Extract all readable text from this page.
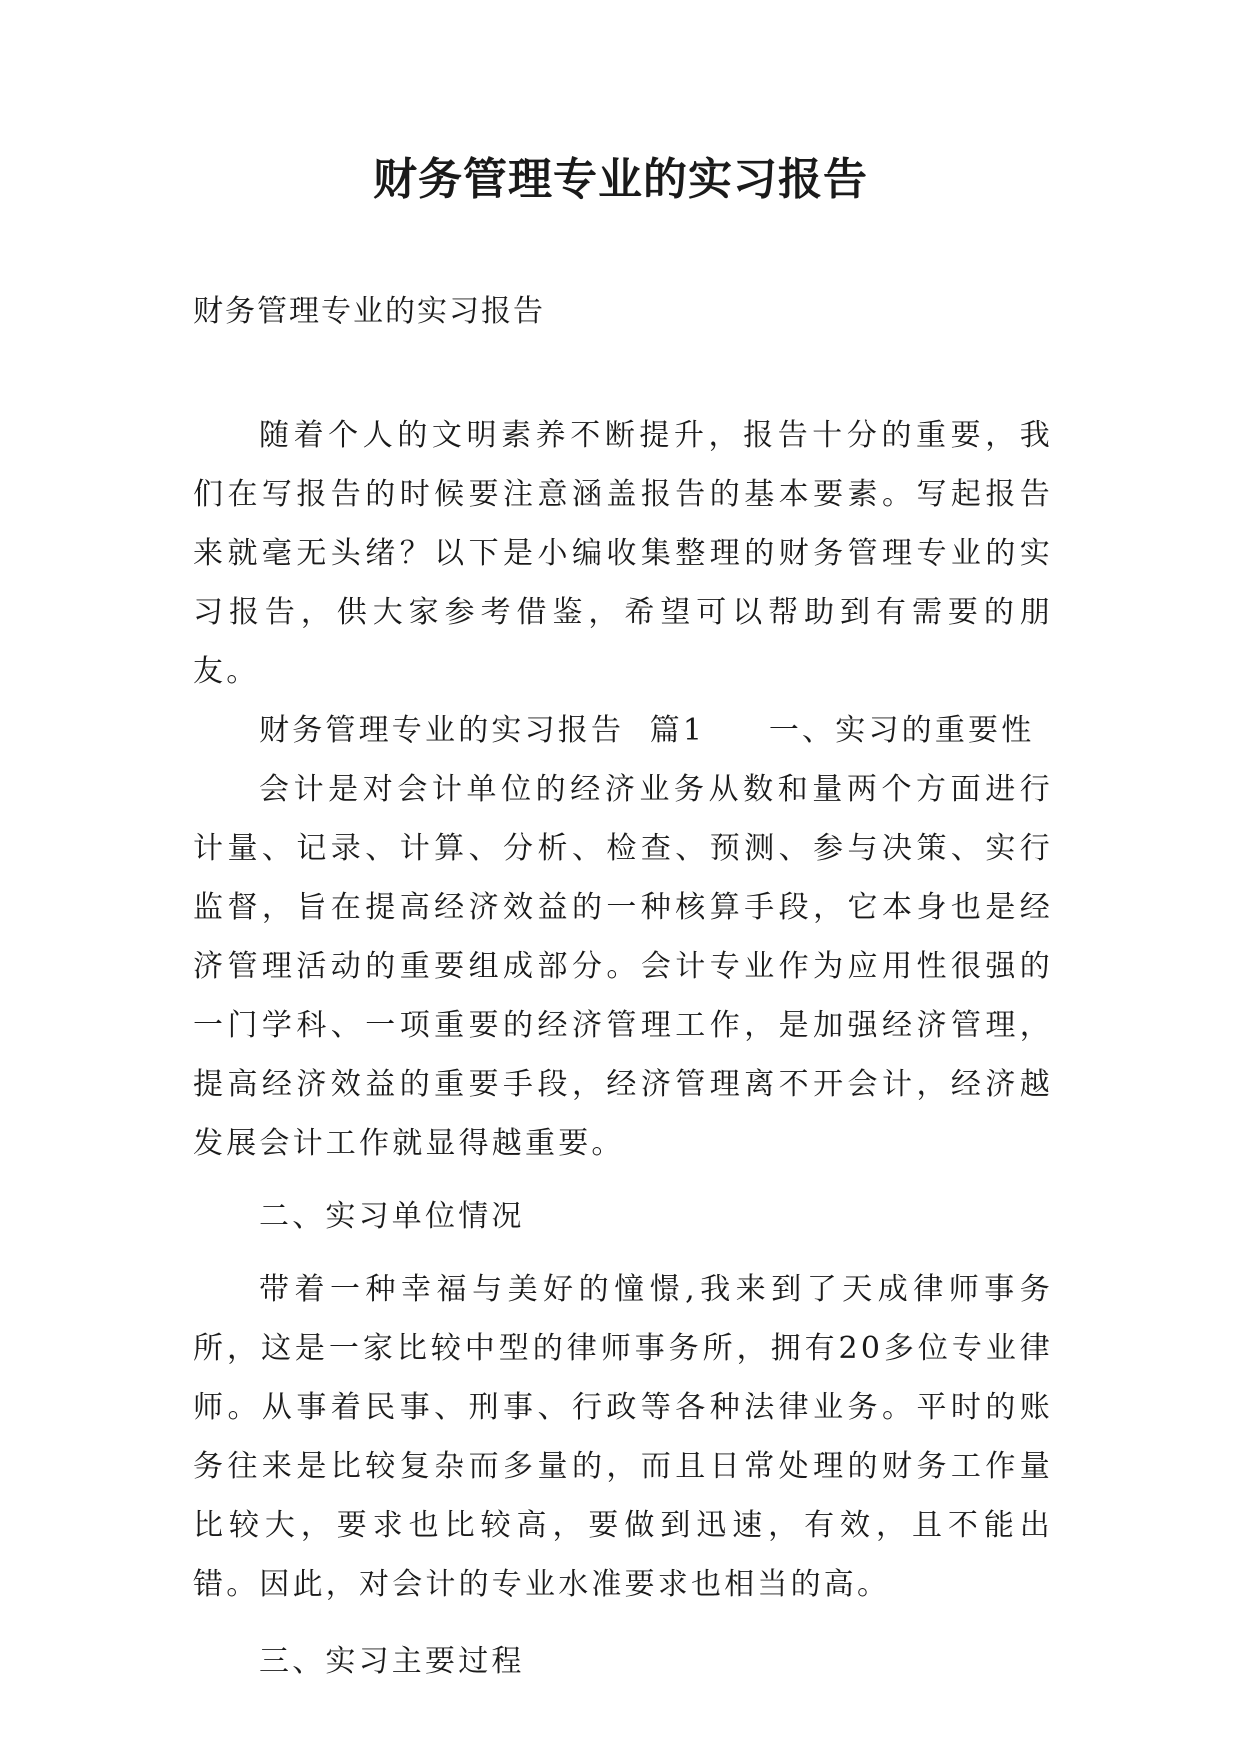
财务管理专业的实习报告
财务管理专业的实习报告

随着个人的文明素养不断提升，报告十分的重要，我们在写报告的时候要注意涵盖报告的基本要素。写起报告来就毫无头绪？以下是小编收集整理的财务管理专业的实习报告，供大家参考借鉴，希望可以帮助到有需要的朋友。

财务管理专业的实习报告  篇1 一、实习的重要性

会计是对会计单位的经济业务从数和量两个方面进行计量、记录、计算、分析、检查、预测、参与决策、实行监督，旨在提高经济效益的一种核算手段，它本身也是经济管理活动的重要组成部分。会计专业作为应用性很强的一门学科、一项重要的经济管理工作，是加强经济管理，提高经济效益的重要手段，经济管理离不开会计，经济越发展会计工作就显得越重要。

二、实习单位情况

带着一种幸福与美好的憧憬,我来到了天成律师事务所，这是一家比较中型的律师事务所，拥有20多位专业律师。从事着民事、刑事、行政等各种法律业务。平时的账务往来是比较复杂而多量的，而且日常处理的财务工作量比较大，要求也比较高，要做到迅速，有效，且不能出错。因此，对会计的专业水准要求也相当的高。

三、实习主要过程
